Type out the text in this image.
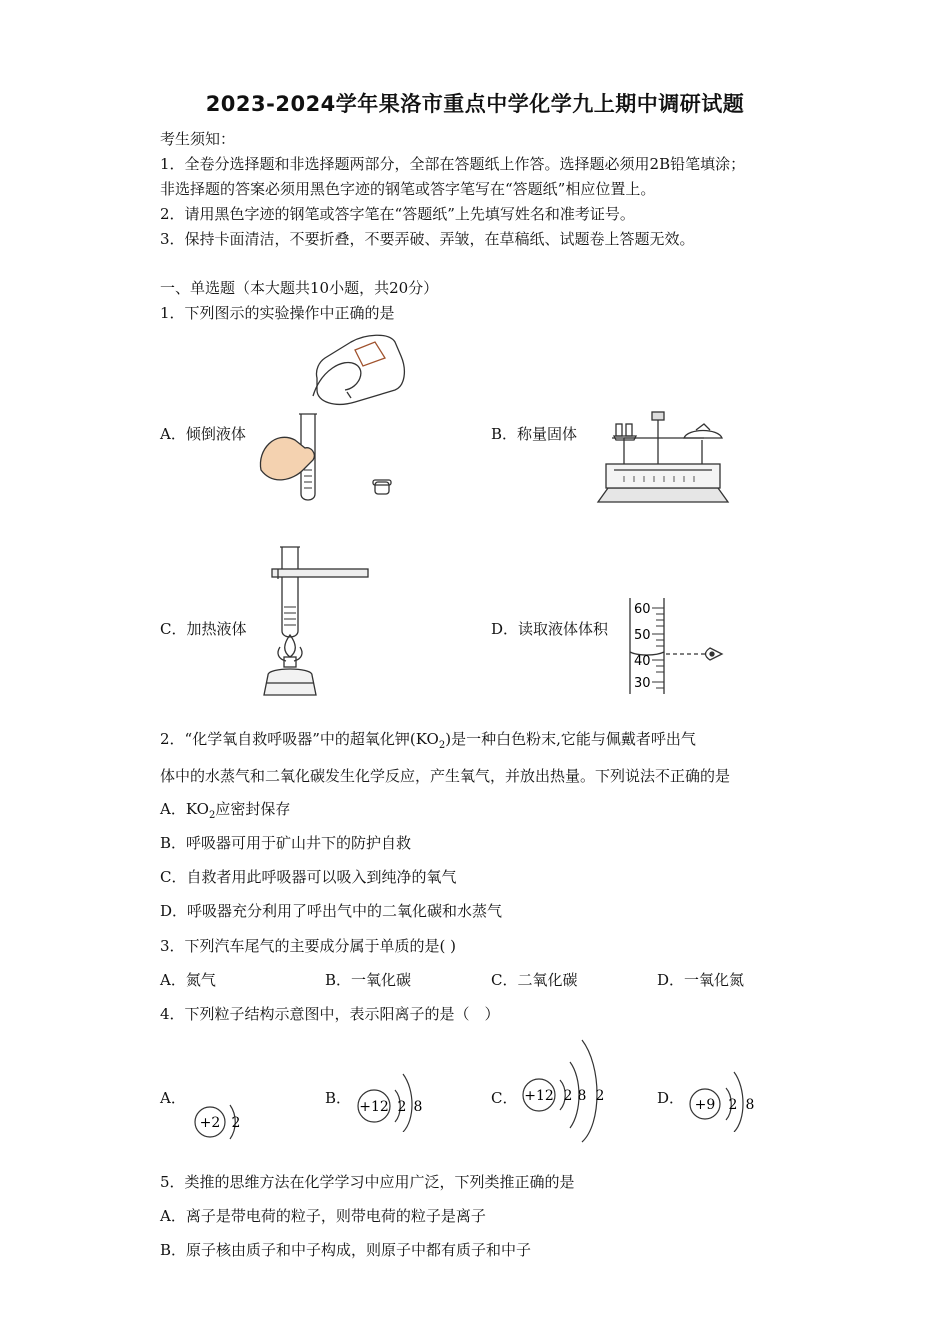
2023-2024学年果洛市重点中学化学九上期中调研试题
考生须知：
1．全卷分选择题和非选择题两部分，全部在答题纸上作答。选择题必须用2B铅笔填涂；
非选择题的答案必须用黑色字迹的钢笔或答字笔写在“答题纸”相应位置上。
2．请用黑色字迹的钢笔或答字笔在“答题纸”上先填写姓名和准考证号。
3．保持卡面清洁，不要折叠，不要弄破、弄皱，在草稿纸、试题卷上答题无效。
一、单选题（本大题共10小题，共20分）
1．下列图示的实验操作中正确的是
A．倾倒液体	B．称量固体
C．加热液体	D．读取液体体积
60
50
40
30
2．“化学氧自救呼吸器”中的超氧化钾$(KO_2)$是一种白色粉末,它能与佩戴者呼出气
体中的水蒸气和二氧化碳发生化学反应，产生氧气，并放出热量。下列说法不正确的是
A．$KO_2$应密封保存
B．呼吸器可用于矿山井下的防护自救
C．自救者用此呼吸器可以吸入到纯净的氧气
D．呼吸器充分利用了呼出气中的二氧化碳和水蒸气
3．下列汽车尾气的主要成分属于单质的是( )
A．氮气	B．一氧化碳	C．二氧化碳	D．一氧化氮
4．下列粒子结构示意图中，表示阳离子的是（　）
A．
+2 2
B． +12 2 8	C． +12 2 8 2	D． +9 2 8
5．类推的思维方法在化学学习中应用广泛，下列类推正确的是
A．离子是带电荷的粒子，则带电荷的粒子是离子
B．原子核由质子和中子构成，则原子中都有质子和中子
